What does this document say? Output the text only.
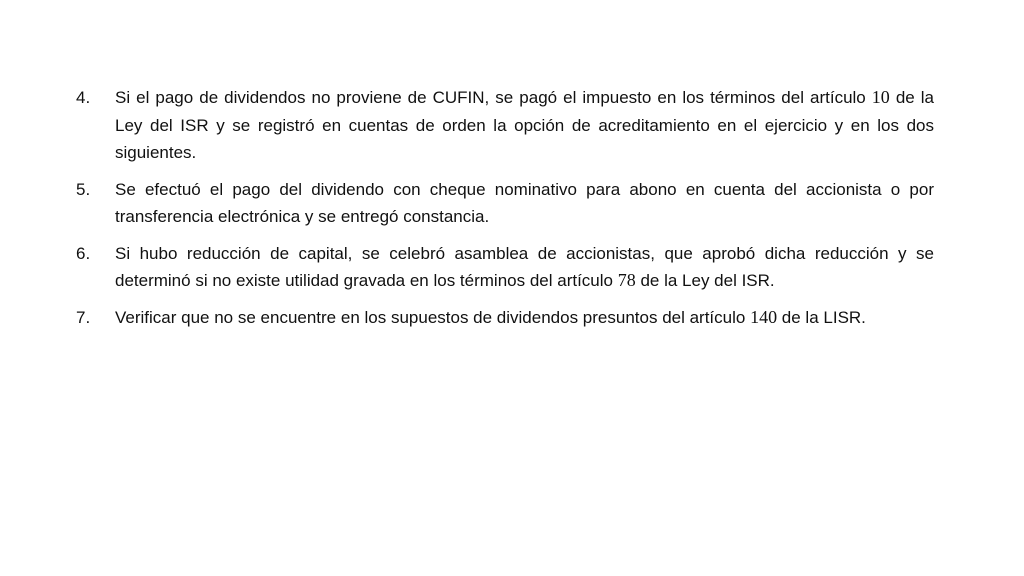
4. Si el pago de dividendos no proviene de CUFIN, se pagó el impuesto en los términos del artículo 10 de la Ley del ISR y se registró en cuentas de orden la opción de acreditamiento en el ejercicio y en los dos siguientes.
5. Se efectuó el pago del dividendo con cheque nominativo para abono en cuenta del accionista o por transferencia electrónica y se entregó constancia.
6. Si hubo reducción de capital, se celebró asamblea de accionistas, que aprobó dicha reducción y se determinó si no existe utilidad gravada en los términos del artículo 78 de la Ley del ISR.
7. Verificar que no se encuentre en los supuestos de dividendos presuntos del artículo 140 de la LISR.
